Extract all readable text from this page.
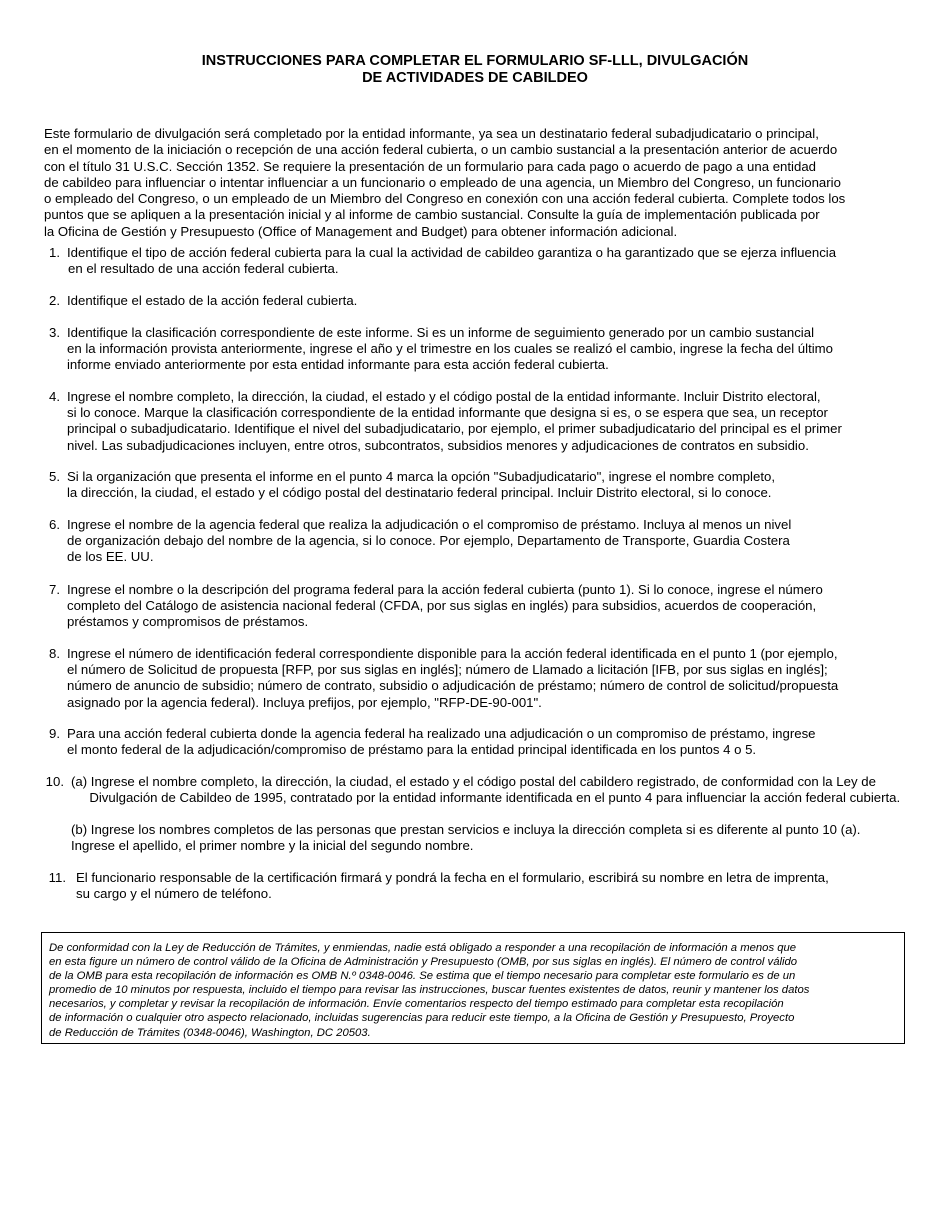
INSTRUCCIONES PARA COMPLETAR EL FORMULARIO SF-LLL, DIVULGACIÓN
DE ACTIVIDADES DE CABILDEO
Este formulario de divulgación será completado por la entidad informante, ya sea un destinatario federal subadjudicatario o principal,
en el momento de la iniciación o recepción de una acción federal cubierta, o un cambio sustancial a la presentación anterior de acuerdo
con el título 31 U.S.C. Sección 1352. Se requiere la presentación de un formulario para cada pago o acuerdo de pago a una entidad
de cabildeo para influenciar o intentar influenciar a un funcionario o empleado de una agencia, un Miembro del Congreso, un funcionario
o empleado del Congreso, o un empleado de un Miembro del Congreso en conexión con una acción federal cubierta. Complete todos los
puntos que se apliquen a la presentación inicial y al informe de cambio sustancial. Consulte la guía de implementación publicada por
la Oficina de Gestión y Presupuesto (Office of Management and Budget) para obtener información adicional.
1. Identifique el tipo de acción federal cubierta para la cual la actividad de cabildeo garantiza o ha garantizado que se ejerza influencia
en el resultado de una acción federal cubierta.
2. Identifique el estado de la acción federal cubierta.
3. Identifique la clasificación correspondiente de este informe. Si es un informe de seguimiento generado por un cambio sustancial
en la información provista anteriormente, ingrese el año y el trimestre en los cuales se realizó el cambio, ingrese la fecha del último
informe enviado anteriormente por esta entidad informante para esta acción federal cubierta.
4. Ingrese el nombre completo, la dirección, la ciudad, el estado y el código postal de la entidad informante. Incluir Distrito electoral,
si lo conoce. Marque la clasificación correspondiente de la entidad informante que designa si es, o se espera que sea, un receptor
principal o subadjudicatario. Identifique el nivel del subadjudicatario, por ejemplo, el primer subadjudicatario del principal es el primer
nivel. Las subadjudicaciones incluyen, entre otros, subcontratos, subsidios menores y adjudicaciones de contratos en subsidio.
5. Si la organización que presenta el informe en el punto 4 marca la opción "Subadjudicatario", ingrese el nombre completo,
la dirección, la ciudad, el estado y el código postal del destinatario federal principal. Incluir Distrito electoral, si lo conoce.
6. Ingrese el nombre de la agencia federal que realiza la adjudicación o el compromiso de préstamo. Incluya al menos un nivel
de organización debajo del nombre de la agencia, si lo conoce. Por ejemplo, Departamento de Transporte, Guardia Costera
de los EE. UU.
7. Ingrese el nombre o la descripción del programa federal para la acción federal cubierta (punto 1). Si lo conoce, ingrese el número
completo del Catálogo de asistencia nacional federal (CFDA, por sus siglas en inglés) para subsidios, acuerdos de cooperación,
préstamos y compromisos de préstamos.
8. Ingrese el número de identificación federal correspondiente disponible para la acción federal identificada en el punto 1 (por ejemplo,
el número de Solicitud de propuesta [RFP, por sus siglas en inglés]; número de Llamado a licitación [IFB, por sus siglas en inglés];
número de anuncio de subsidio; número de contrato, subsidio o adjudicación de préstamo; número de control de solicitud/propuesta
asignado por la agencia federal). Incluya prefijos, por ejemplo, "RFP-DE-90-001".
9. Para una acción federal cubierta donde la agencia federal ha realizado una adjudicación o un compromiso de préstamo, ingrese
el monto federal de la adjudicación/compromiso de préstamo para la entidad principal identificada en los puntos 4 o 5.
10. (a) Ingrese el nombre completo, la dirección, la ciudad, el estado y el código postal del cabildero registrado, de conformidad con la Ley de
Divulgación de Cabildeo de 1995, contratado por la entidad informante identificada en el punto 4 para influenciar la acción federal cubierta.
(b) Ingrese los nombres completos de las personas que prestan servicios e incluya la dirección completa si es diferente al punto 10 (a).
Ingrese el apellido, el primer nombre y la inicial del segundo nombre.
11. El funcionario responsable de la certificación firmará y pondrá la fecha en el formulario, escribirá su nombre en letra de imprenta,
su cargo y el número de teléfono.
De conformidad con la Ley de Reducción de Trámites, y enmiendas, nadie está obligado a responder a una recopilación de información a menos que
en esta figure un número de control válido de la Oficina de Administración y Presupuesto (OMB, por sus siglas en inglés). El número de control válido
de la OMB para esta recopilación de información es OMB N.º 0348-0046. Se estima que el tiempo necesario para completar este formulario es de un
promedio de 10 minutos por respuesta, incluido el tiempo para revisar las instrucciones, buscar fuentes existentes de datos, reunir y mantener los datos
necesarios, y completar y revisar la recopilación de información. Envíe comentarios respecto del tiempo estimado para completar esta recopilación
de información o cualquier otro aspecto relacionado, incluidas sugerencias para reducir este tiempo, a la Oficina de Gestión y Presupuesto, Proyecto
de Reducción de Trámites (0348-0046), Washington, DC 20503.
